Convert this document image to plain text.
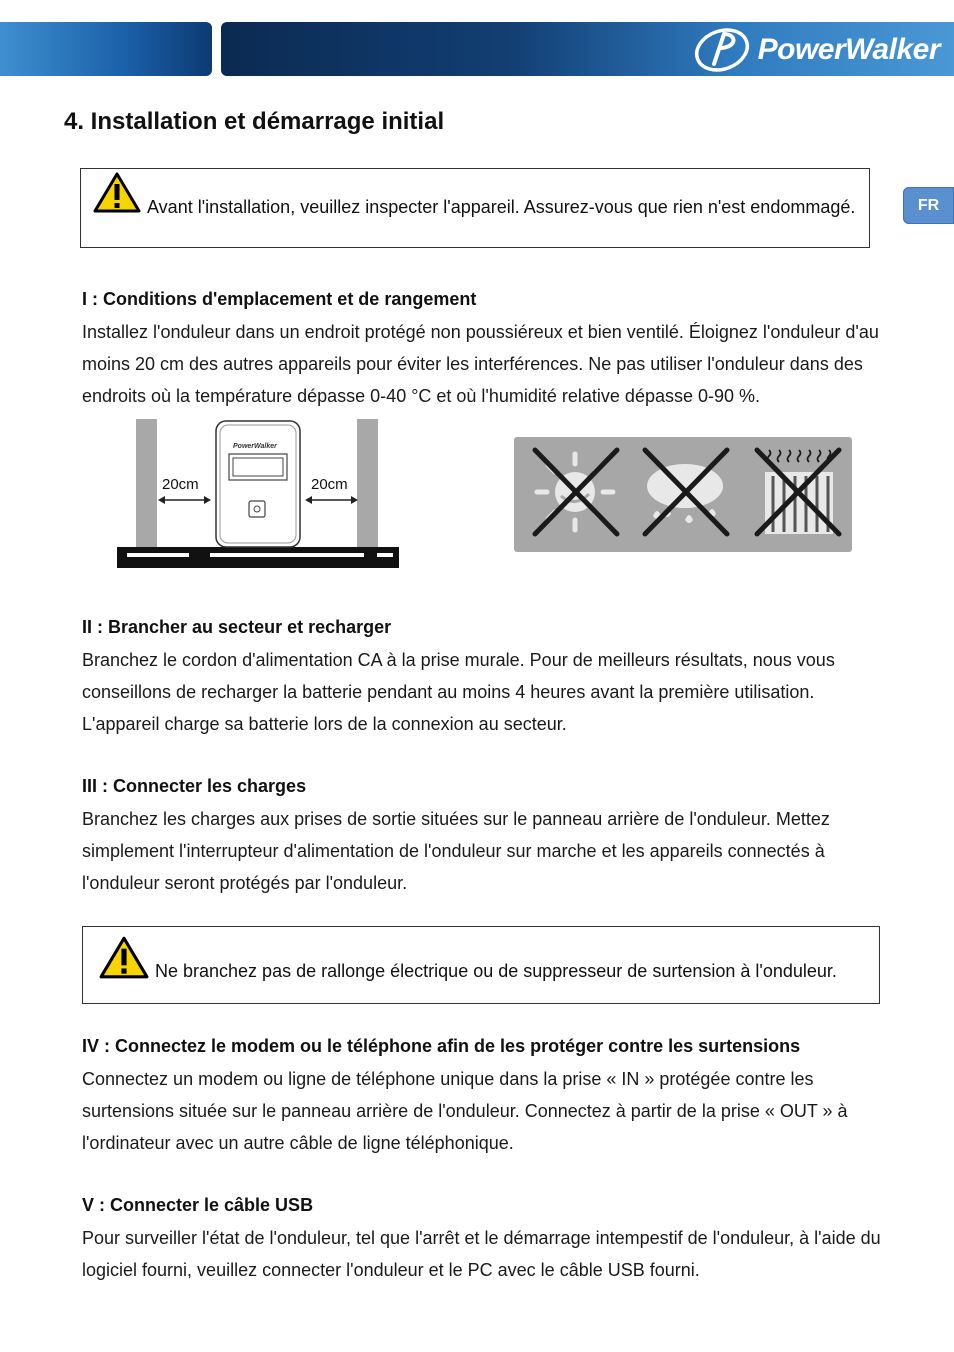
PowerWalker
FR
4. Installation et démarrage initial
Avant l'installation, veuillez inspecter l'appareil. Assurez-vous que rien n'est endommagé.
I : Conditions d'emplacement et de rangement

Installez l'onduleur dans un endroit protégé non poussiéreux et bien ventilé. Éloignez l'onduleur d'au moins 20 cm des autres appareils pour éviter les interférences. Ne pas utiliser l'onduleur dans des endroits où la température dépasse 0-40 °C et où l'humidité relative dépasse 0-90 %.

PowerWalker
20cm	20cm
II : Brancher au secteur et recharger

Branchez le cordon d'alimentation CA à la prise murale. Pour de meilleurs résultats, nous vous conseillons de recharger la batterie pendant au moins 4 heures avant la première utilisation. L'appareil charge sa batterie lors de la connexion au secteur.

III : Connecter les charges

Branchez les charges aux prises de sortie situées sur le panneau arrière de l'onduleur. Mettez simplement l'interrupteur d'alimentation de l'onduleur sur marche et les appareils connectés à l'onduleur seront protégés par l'onduleur.

Ne branchez pas de rallonge électrique ou de suppresseur de surtension à l'onduleur.
IV : Connectez le modem ou le téléphone afin de les protéger contre les surtensions

Connectez un modem ou ligne de téléphone unique dans la prise « IN » protégée contre les surtensions située sur le panneau arrière de l'onduleur. Connectez à partir de la prise « OUT » à l'ordinateur avec un autre câble de ligne téléphonique.

V : Connecter le câble USB

Pour surveiller l'état de l'onduleur, tel que l'arrêt et le démarrage intempestif de l'onduleur, à l'aide du logiciel fourni, veuillez connecter l'onduleur et le PC avec le câble USB fourni.
